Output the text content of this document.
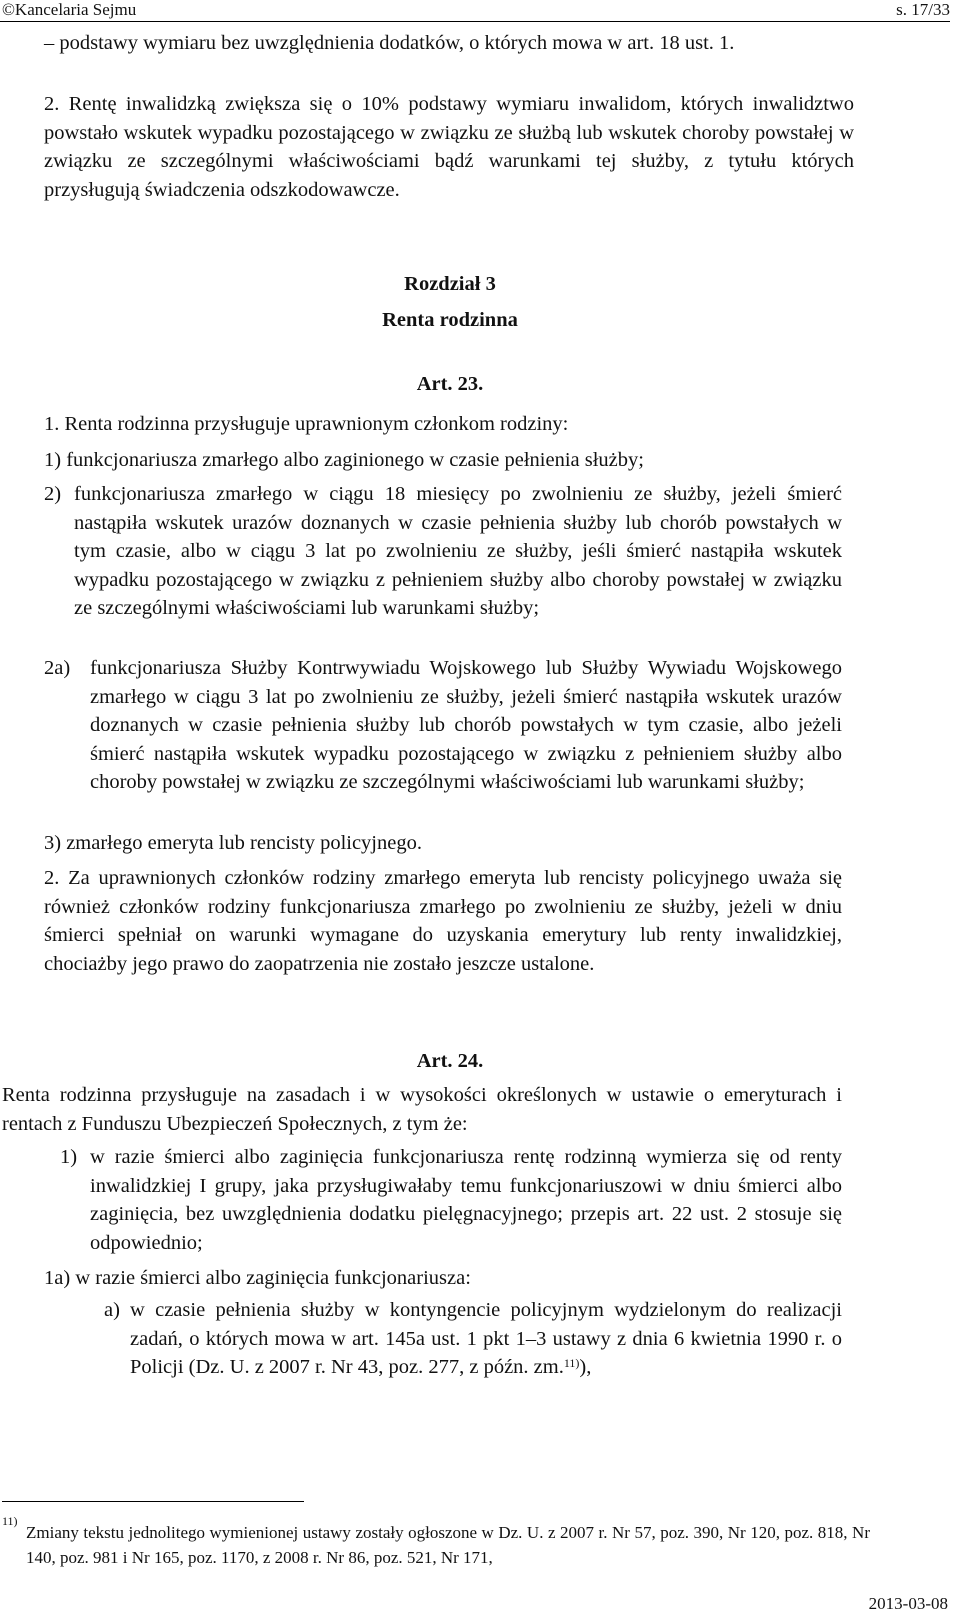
©Kancelaria Sejmu	s. 17/33
– podstawy wymiaru bez uwzględnienia dodatków, o których mowa w art. 18 ust. 1.
2. Rentę inwalidzką zwiększa się o 10% podstawy wymiaru inwalidom, których inwalidztwo powstało wskutek wypadku pozostającego w związku ze służbą lub wskutek choroby powstałej w związku ze szczególnymi właściwościami bądź warunkami tej służby, z tytułu których przysługują świadczenia odszkodowawcze.
Rozdział 3
Renta rodzinna
Art. 23.
1. Renta rodzinna przysługuje uprawnionym członkom rodziny:
1) funkcjonariusza zmarłego albo zaginionego w czasie pełnienia służby;
2) funkcjonariusza zmarłego w ciągu 18 miesięcy po zwolnieniu ze służby, jeżeli śmierć nastąpiła wskutek urazów doznanych w czasie pełnienia służby lub chorób powstałych w tym czasie, albo w ciągu 3 lat po zwolnieniu ze służby, jeśli śmierć nastąpiła wskutek wypadku pozostającego w związku z pełnieniem służby albo choroby powstałej w związku ze szczególnymi właściwościami lub warunkami służby;
2a) funkcjonariusza Służby Kontrwywiadu Wojskowego lub Służby Wywiadu Wojskowego zmarłego w ciągu 3 lat po zwolnieniu ze służby, jeżeli śmierć nastąpiła wskutek urazów doznanych w czasie pełnienia służby lub chorób powstałych w tym czasie, albo jeżeli śmierć nastąpiła wskutek wypadku pozostającego w związku z pełnieniem służby albo choroby powstałej w związku ze szczególnymi właściwościami lub warunkami służby;
3) zmarłego emeryta lub rencisty policyjnego.
2. Za uprawnionych członków rodziny zmarłego emeryta lub rencisty policyjnego uważa się również członków rodziny funkcjonariusza zmarłego po zwolnieniu ze służby, jeżeli w dniu śmierci spełniał on warunki wymagane do uzyskania emerytury lub renty inwalidzkiej, chociażby jego prawo do zaopatrzenia nie zostało jeszcze ustalone.
Art. 24.
Renta rodzinna przysługuje na zasadach i w wysokości określonych w ustawie o emeryturach i rentach z Funduszu Ubezpieczeń Społecznych, z tym że:
1) w razie śmierci albo zaginięcia funkcjonariusza rentę rodzinną wymierza się od renty inwalidzkiej I grupy, jaka przysługiwałaby temu funkcjonariuszowi w dniu śmierci albo zaginięcia, bez uwzględnienia dodatku pielęgnacyjnego; przepis art. 22 ust. 2 stosuje się odpowiednio;
1a) w razie śmierci albo zaginięcia funkcjonariusza:
a) w czasie pełnienia służby w kontyngencie policyjnym wydzielonym do realizacji zadań, o których mowa w art. 145a ust. 1 pkt 1–3 ustawy z dnia 6 kwietnia 1990 r. o Policji (Dz. U. z 2007 r. Nr 43, poz. 277, z późn. zm.$^{11)}$),
11)
Zmiany tekstu jednolitego wymienionej ustawy zostały ogłoszone w Dz. U. z 2007 r. Nr 57, poz. 390, Nr 120, poz. 818, Nr 140, poz. 981 i Nr 165, poz. 1170, z 2008 r. Nr 86, poz. 521, Nr 171,
2013-03-08
